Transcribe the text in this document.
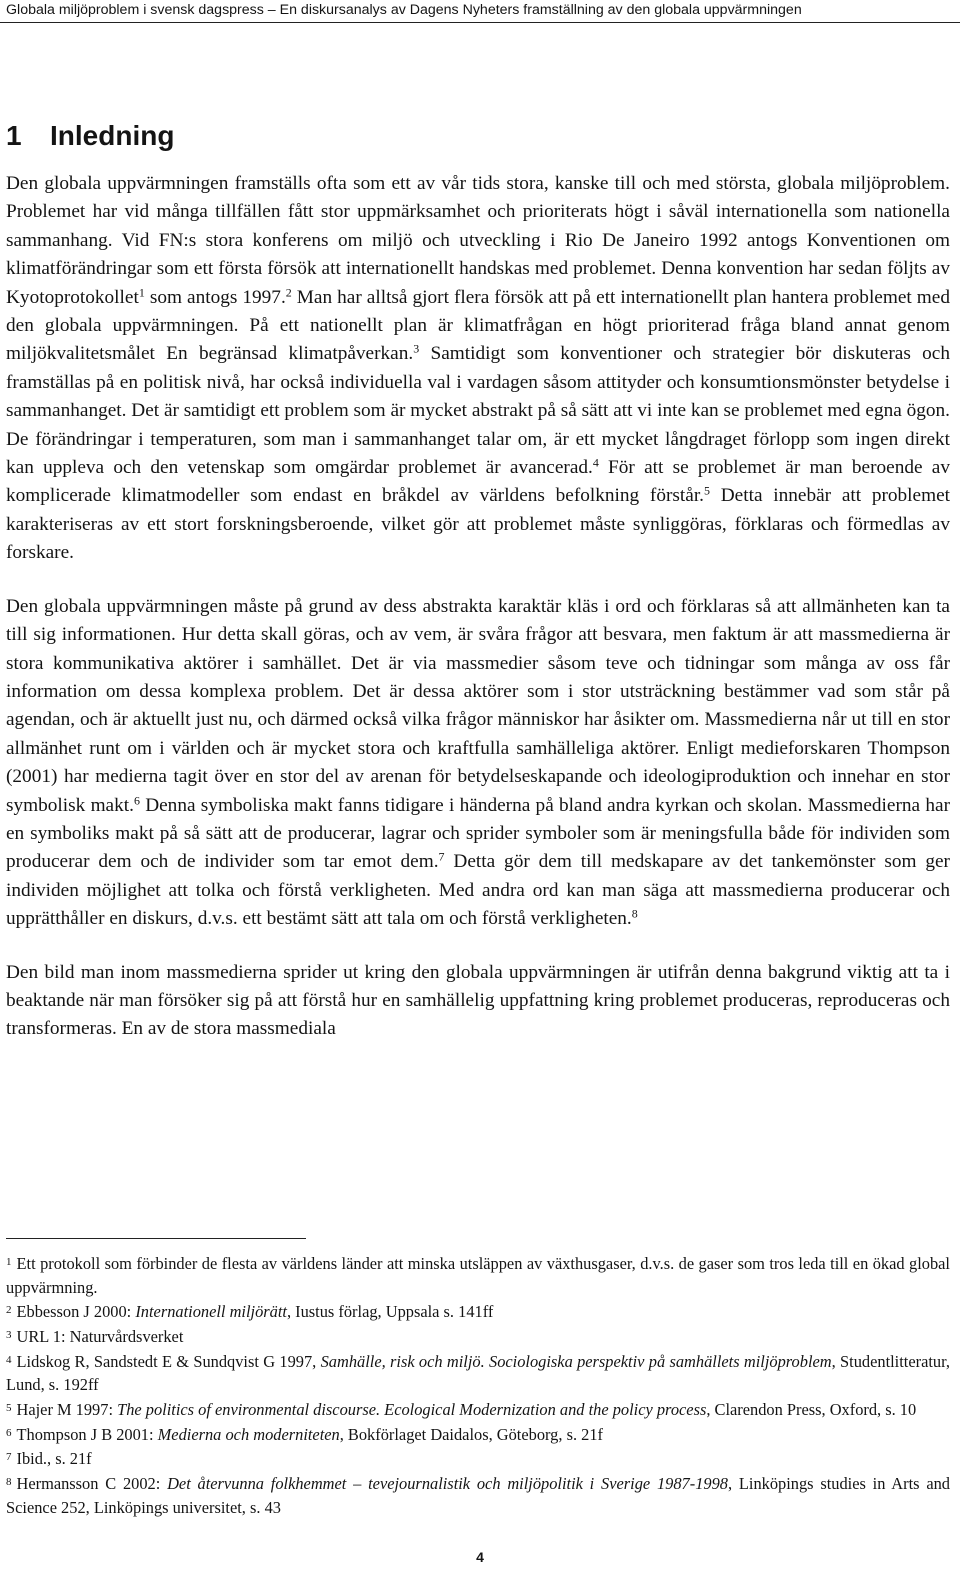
Globala miljöproblem i svensk dagspress – En diskursanalys av Dagens Nyheters framställning av den globala uppvärmningen
1 Inledning

Den globala uppvärmningen framställs ofta som ett av vår tids stora, kanske till och med största, globala miljöproblem. Problemet har vid många tillfällen fått stor uppmärksamhet och prioriterats högt i såväl internationella som nationella sammanhang. Vid FN:s stora konferens om miljö och utveckling i Rio De Janeiro 1992 antogs Konventionen om klimatförändringar som ett första försök att internationellt handskas med problemet. Denna konvention har sedan följts av Kyotoprotokollet$^1$ som antogs 1997.$^2$ Man har alltså gjort flera försök att på ett internationellt plan hantera problemet med den globala uppvärmningen. På ett nationellt plan är klimatfrågan en högt prioriterad fråga bland annat genom miljökvalitetsmålet En begränsad klimatpåverkan.$^3$ Samtidigt som konventioner och strategier bör diskuteras och framställas på en politisk nivå, har också individuella val i vardagen såsom attityder och konsumtionsmönster betydelse i sammanhanget. Det är samtidigt ett problem som är mycket abstrakt på så sätt att vi inte kan se problemet med egna ögon. De förändringar i temperaturen, som man i sammanhanget talar om, är ett mycket långdraget förlopp som ingen direkt kan uppleva och den vetenskap som omgärdar problemet är avancerad.$^4$ För att se problemet är man beroende av komplicerade klimatmodeller som endast en bråkdel av världens befolkning förstår.$^5$ Detta innebär att problemet karakteriseras av ett stort forskningsberoende, vilket gör att problemet måste synliggöras, förklaras och förmedlas av forskare.

Den globala uppvärmningen måste på grund av dess abstrakta karaktär kläs i ord och förklaras så att allmänheten kan ta till sig informationen. Hur detta skall göras, och av vem, är svåra frågor att besvara, men faktum är att massmedierna är stora kommunikativa aktörer i samhället. Det är via massmedier såsom teve och tidningar som många av oss får information om dessa komplexa problem. Det är dessa aktörer som i stor utsträckning bestämmer vad som står på agendan, och är aktuellt just nu, och därmed också vilka frågor människor har åsikter om. Massmedierna når ut till en stor allmänhet runt om i världen och är mycket stora och kraftfulla samhälleliga aktörer. Enligt medieforskaren Thompson (2001) har medierna tagit över en stor del av arenan för betydelseskapande och ideologiproduktion och innehar en stor symbolisk makt.$^6$ Denna symboliska makt fanns tidigare i händerna på bland andra kyrkan och skolan. Massmedierna har en symboliks makt på så sätt att de producerar, lagrar och sprider symboler som är meningsfulla både för individen som producerar dem och de individer som tar emot dem.$^7$ Detta gör dem till medskapare av det tankemönster som ger individen möjlighet att tolka och förstå verkligheten. Med andra ord kan man säga att massmedierna producerar och upprätthåller en diskurs, d.v.s. ett bestämt sätt att tala om och förstå verkligheten.$^8$

Den bild man inom massmedierna sprider ut kring den globala uppvärmningen är utifrån denna bakgrund viktig att ta i beaktande när man försöker sig på att förstå hur en samhällelig uppfattning kring problemet produceras, reproduceras och transformeras. En av de stora massmediala

$^1$ Ett protokoll som förbinder de flesta av världens länder att minska utsläppen av växthusgaser, d.v.s. de gaser som tros leda till en ökad global uppvärmning.

$^2$ Ebbesson J 2000: Internationell miljörätt, Iustus förlag, Uppsala s. 141ff

$^3$ URL 1: Naturvårdsverket

$^4$ Lidskog R, Sandstedt E & Sundqvist G 1997, Samhälle, risk och miljö. Sociologiska perspektiv på samhällets miljöproblem, Studentlitteratur, Lund, s. 192ff

$^5$ Hajer M 1997: The politics of environmental discourse. Ecological Modernization and the policy process, Clarendon Press, Oxford, s. 10

$^6$ Thompson J B 2001: Medierna och moderniteten, Bokförlaget Daidalos, Göteborg, s. 21f

$^7$ Ibid., s. 21f

$^8$ Hermansson C 2002: Det återvunna folkhemmet – tevejournalistik och miljöpolitik i Sverige 1987-1998, Linköpings studies in Arts and Science 252, Linköpings universitet, s. 43

4
